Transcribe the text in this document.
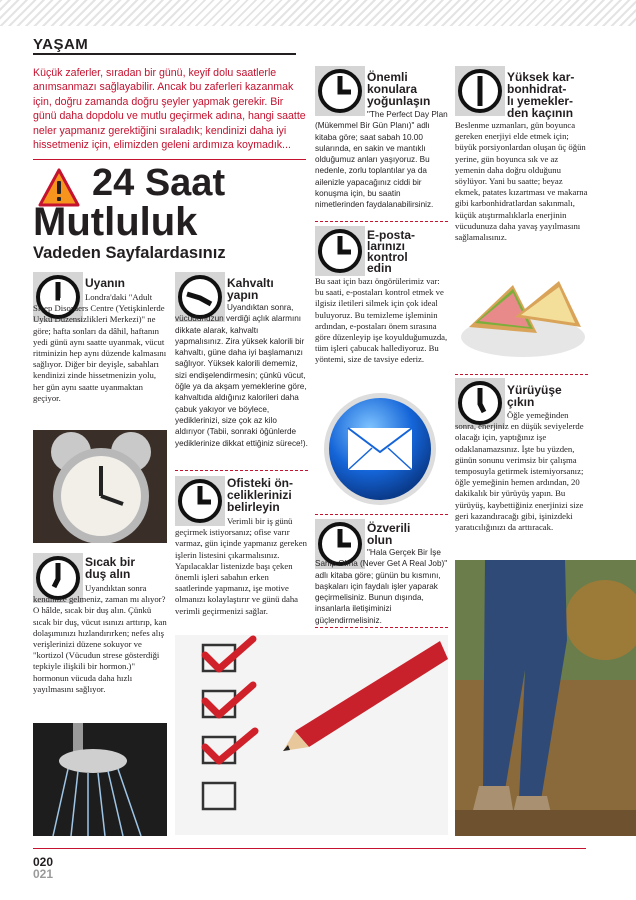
YAŞAM
Küçük zaferler, sıradan bir günü, keyif dolu saatlerle anımsanmazı sağlayabilir. Ancak bu zaferleri kazanmak için, doğru zamanda doğru şeyler yapmak gerekir. Bir günü daha dopdolu ve mutlu geçirmek adına, hangi saatte neler yapmanız gerektiğini sıraladık; kendinizi daha iyi hissetmeniz için, elimizden geleni ardımıza koymadık...
24 Saat
Mutluluk
Vadeden Sayfalardasınız
Uyanın
Londra'daki "Adult Sleep Disorders Centre (Yetişkinlerde Uyku Düzensizlikleri Merkezi)" ne göre; hafta sonları da dâhil, haftanın yedi günü aynı saatte uyanmak, vücut ritminizin hep aynı düzende kalmasını sağlıyor. Diğer bir deyişle, sabahları kendinizi zinde hissetmenizin yolu, her gün aynı saatte uyanmaktan geçiyor.
Sıcak bir
duş alın
Uyandıktan sonra kendinize gelmeniz, zaman mı alıyor? O hâlde, sıcak bir duş alın. Çünkü sıcak bir duş, vücut ısınızı arttırıp, kan dolaşımınızı hızlandırırken; nefes alış verişlerinizi düzene sokuyor ve "kortizol (Vücudun strese gösterdiği tepkiyle ilişkili bir hormon.)" hormonun vücuda daha hızlı yayılmasını sağlıyor.
Kahvaltı
yapın
Uyandıktan sonra, vücudunuzun verdiği açlık alarmını dikkate alarak, kahvaltı yapmalısınız. Zira yüksek kalorili bir kahvaltı, güne daha iyi başlamanızı sağlıyor. Yüksek kalorili dememiz, sizi endişelendirmesin; çünkü vücut, öğle ya da akşam yemeklerine göre, kahvaltıda aldığınız kalorileri daha çabuk yakıyor ve böylece, yediklerinizi, size çok az kilo aldırıyor (Tabii, sonraki öğünlerde yediklerinize dikkat ettiğiniz sürece!).
Ofisteki ön-
celiklerinizi
belirleyin
Verimli bir iş günü geçirmek istiyorsanız; ofise varır varmaz, gün içinde yapmanız gereken işlerin listesini çıkarmalısınız. Yapılacaklar listenizde başı çeken önemli işleri sabahın erken saatlerinde yapmanız, işe motive olmanızı kolaylaştırır ve günü daha verimli geçirmenizi sağlar.
Önemli
konulara
yoğunlaşın
"The Perfect Day Plan (Mükemmel Bir Gün Planı)" adlı kitaba göre; saat sabah 10.00 sularında, en sakin ve mantıklı olduğumuz anları yaşıyoruz. Bu nedenle, zorlu toplantılar ya da ailenizle yapacağınız ciddi bir konuşma için, bu saatin nimetlerinden faydalanabilirsiniz.
E-posta-
larınızı
kontrol
edin
Bu saat için bazı öngörülerimiz var: bu saati, e-postaları kontrol etmek ve ilgisiz iletileri silmek için çok ideal buluyoruz. Bu temizleme işleminin ardından, e-postaları önem sırasına göre düzenleyip işe koyulduğumuzda, tüm işleri çabucak hallediyoruz. Bu yöntemi, size de tavsiye ederiz.
Özverili
olun
"Hala Gerçek Bir İşe Sahip Olma (Never Get A Real Job)" adlı kitaba göre; günün bu kısmını, başkaları için faydalı işler yaparak geçirmelisiniz. Bunun dışında, insanlarla iletişiminizi güçlendirmelisiniz.
Yüksek kar-
bonhidrat-
lı yemekler-
den kaçının
Beslenme uzmanları, gün boyunca gereken enerjiyi elde etmek için; büyük porsiyonlardan oluşan üç öğün yerine, gün boyunca sık ve az yemenin daha doğru olduğunu söylüyor. Yani bu saatte; beyaz ekmek, patates kızartması ve makarna gibi karbonhidratlardan sakınmalı, küçük atıştırmalıklarla enerjinin vücudunuza daha yavaş yayılmasını sağlamalısınız.
Yürüyüşe
çıkın
Öğle yemeğinden sonra, enerjiniz en düşük seviyelerde olacağı için, yaptığınız işe odaklanamazsınız. İşte bu yüzden, günün sonunu verimsiz bir çalışma temposuyla getirmek istemiyorsanız; öğle yemeğinin hemen ardından, 20 dakikalık bir yürüyüş yapın. Bu yürüyüş, kaybettiğiniz enerjinizi size geri kazandıracağı gibi, işinizdeki yaratıcılığınızı da arttıracak.
020
021
